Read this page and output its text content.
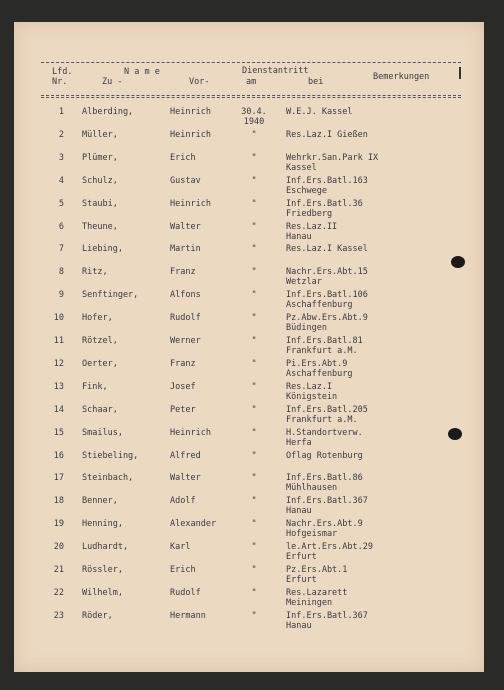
Lfd.
Nr.
N a m e
Zu -	Vor-
Dienstantritt
am	bei	Bemerkungen
1 Alberding,	Heinrich	30.4.
1940
W.E.J. Kassel
2 Müller,	Heinrich	"	Res.Laz.I Gießen
3 Plümer,	Erich	"	Wehrkr.San.Park IX
Kassel
4 Schulz,	Gustav	"	Inf.Ers.Batl.163
Eschwege
5 Staubi,	Heinrich	"	Inf.Ers.Batl.36
Friedberg
6 Theune,	Walter	"	Res.Laz.II
Hanau
7 Liebing,	Martin	"	Res.Laz.I Kassel
8 Ritz,	Franz	"	Nachr.Ers.Abt.15
Wetzlar
9 Senftinger,	Alfons	"	Inf.Ers.Batl.106
Aschaffenburg
10 Hofer,	Rudolf	"	Pz.Abw.Ers.Abt.9
Büdingen
11 Rötzel,	Werner	"	Inf.Ers.Batl.81
Frankfurt a.M.
12 Oerter,	Franz	"	Pi.Ers.Abt.9
Aschaffenburg
13 Fink,	Josef	"	Res.Laz.I
Königstein
14 Schaar,	Peter	"	Inf.Ers.Batl.205
Frankfurt a.M.
15 Smailus,	Heinrich	"	H.Standortverw.
Herfa
16 Stiebeling,	Alfred	"	Oflag Rotenburg
17 Steinbach,	Walter	"	Inf.Ers.Batl.86
Mühlhausen
18 Benner,	Adolf	"	Inf.Ers.Batl.367
Hanau
19 Henning,	Alexander	"	Nachr.Ers.Abt.9
Hofgeismar
20 Ludhardt,	Karl	"	le.Art.Ers.Abt.29
Erfurt
21 Rössler,	Erich	"	Pz.Ers.Abt.1
Erfurt
22 Wilhelm,	Rudolf	"	Res.Lazarett
Meiningen
23 Röder,	Hermann	"	Inf.Ers.Batl.367
Hanau
